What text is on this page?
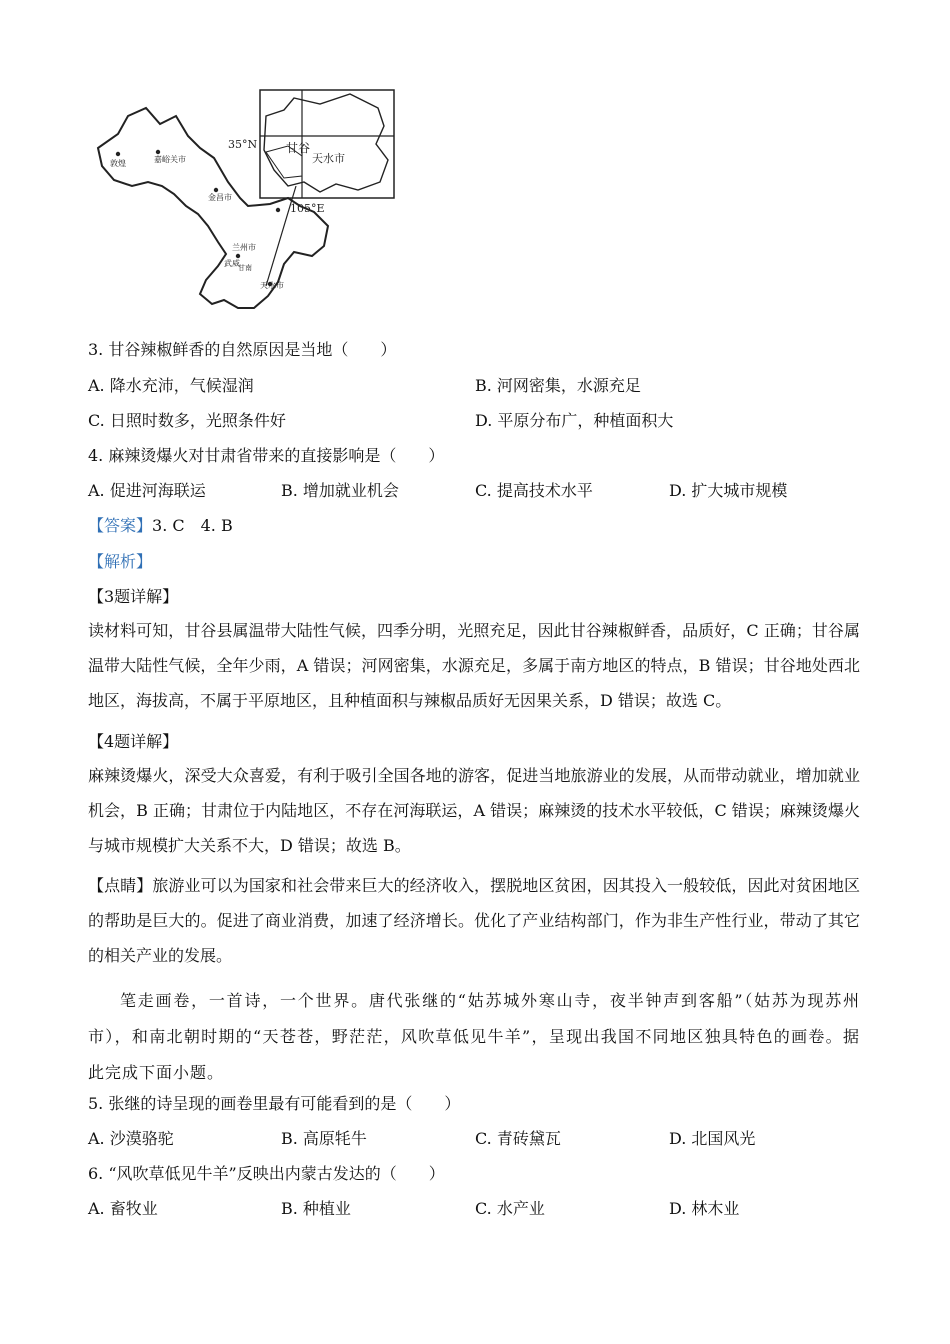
35°N
105°E
甘谷
天水市
敦煌	嘉峪关市
金昌市
兰州市
武威
甘南
天水市
3. 甘谷辣椒鲜香的自然原因是当地（　　）
A. 降水充沛，气候湿润	B. 河网密集，水源充足
C. 日照时数多，光照条件好	D. 平原分布广，种植面积大
4. 麻辣烫爆火对甘肃省带来的直接影响是（　　）
A. 促进河海联运	B. 增加就业机会	C. 提高技术水平	D. 扩大城市规模
【答案】3. C　4. B
【解析】
【3题详解】
读材料可知，甘谷县属温带大陆性气候，四季分明，光照充足，因此甘谷辣椒鲜香，品质好，C 正确；甘谷属温带大陆性气候，全年少雨，A 错误；河网密集，水源充足，多属于南方地区的特点，B 错误；甘谷地处西北地区，海拔高，不属于平原地区，且种植面积与辣椒品质好无因果关系，D 错误；故选 C。
【4题详解】
麻辣烫爆火，深受大众喜爱，有利于吸引全国各地的游客，促进当地旅游业的发展，从而带动就业，增加就业机会，B 正确；甘肃位于内陆地区，不存在河海联运，A 错误；麻辣烫的技术水平较低，C 错误；麻辣烫爆火与城市规模扩大关系不大，D 错误；故选 B。
【点睛】旅游业可以为国家和社会带来巨大的经济收入，摆脱地区贫困，因其投入一般较低，因此对贫困地区的帮助是巨大的。促进了商业消费，加速了经济增长。优化了产业结构部门，作为非生产性行业，带动了其它的相关产业的发展。
笔走画卷，一首诗，一个世界。唐代张继的“姑苏城外寒山寺，夜半钟声到客船”（姑苏为现苏州市），和南北朝时期的“天苍苍，野茫茫，风吹草低见牛羊”，呈现出我国不同地区独具特色的画卷。据此完成下面小题。
5. 张继的诗呈现的画卷里最有可能看到的是（　　）
A. 沙漠骆驼	B. 高原牦牛	C. 青砖黛瓦	D. 北国风光
6. “风吹草低见牛羊”反映出内蒙古发达的（　　）
A. 畜牧业	B. 种植业	C. 水产业	D. 林木业
